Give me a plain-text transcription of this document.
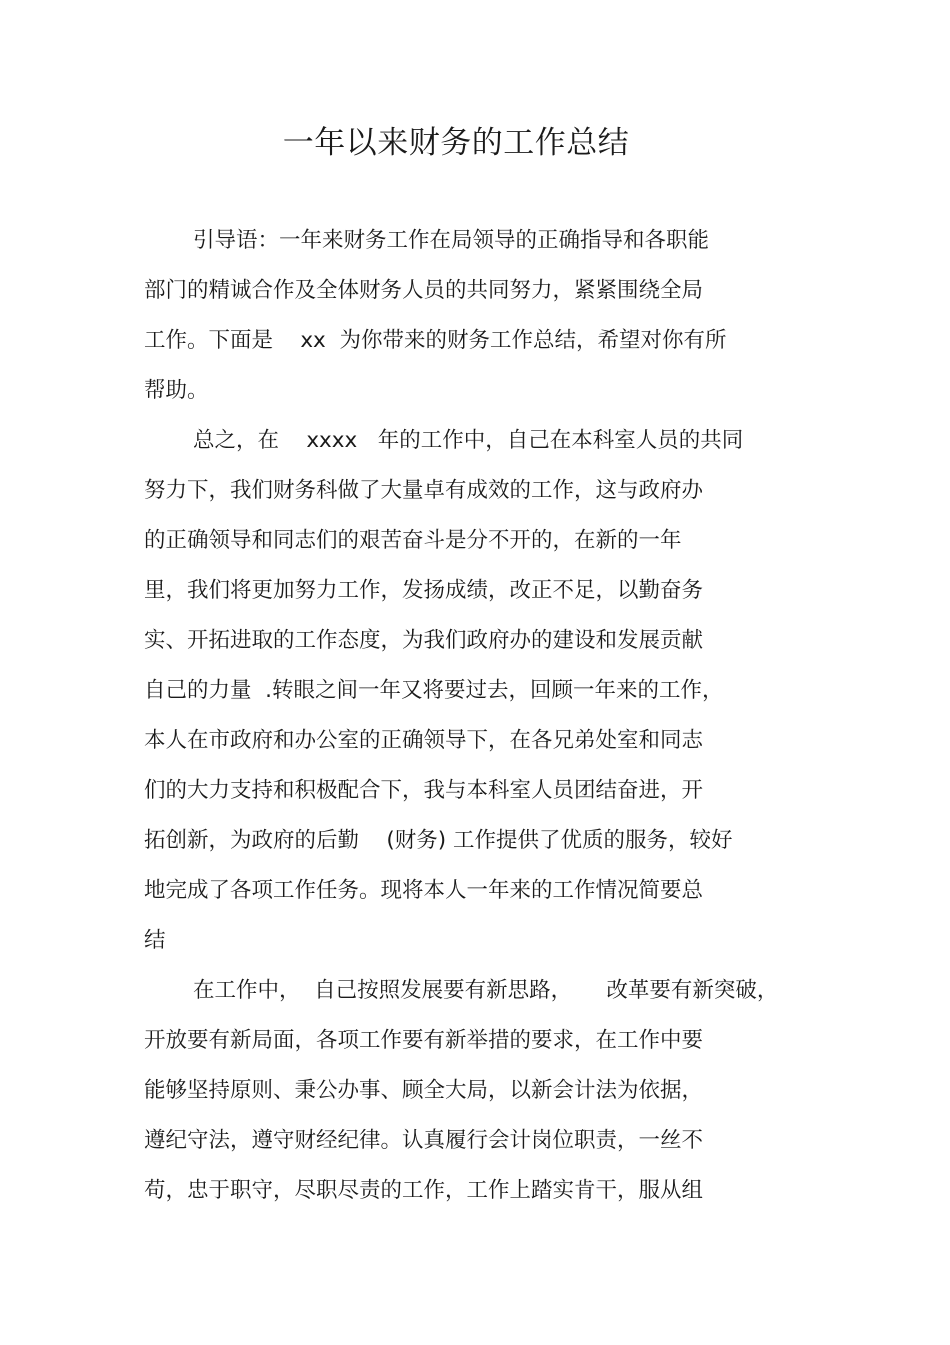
一年以来财务的工作总结
引导语：一年来财务工作在局领导的正确指导和各职能
部门的精诚合作及全体财务人员的共同努力，紧紧围绕全局
工作。下面是    xx  为你带来的财务工作总结，希望对你有所
帮助。
总之，在    xxxx   年的工作中，自己在本科室人员的共同
努力下，我们财务科做了大量卓有成效的工作，这与政府办
的正确领导和同志们的艰苦奋斗是分不开的，在新的一年
里，我们将更加努力工作，发扬成绩，改正不足，以勤奋务
实、开拓进取的工作态度，为我们政府办的建设和发展贡献
自己的力量  .转眼之间一年又将要过去，回顾一年来的工作，
本人在市政府和办公室的正确领导下，在各兄弟处室和同志
们的大力支持和积极配合下，我与本科室人员团结奋进，开
拓创新，为政府的后勤    (财务) 工作提供了优质的服务，较好
地完成了各项工作任务。现将本人一年来的工作情况简要总
结
在工作中，  自己按照发展要有新思路，     改革要有新突破，
开放要有新局面，各项工作要有新举措的要求，在工作中要
能够坚持原则、秉公办事、顾全大局，以新会计法为依据，
遵纪守法，遵守财经纪律。认真履行会计岗位职责，一丝不
苟，忠于职守，尽职尽责的工作，工作上踏实肯干，服从组
